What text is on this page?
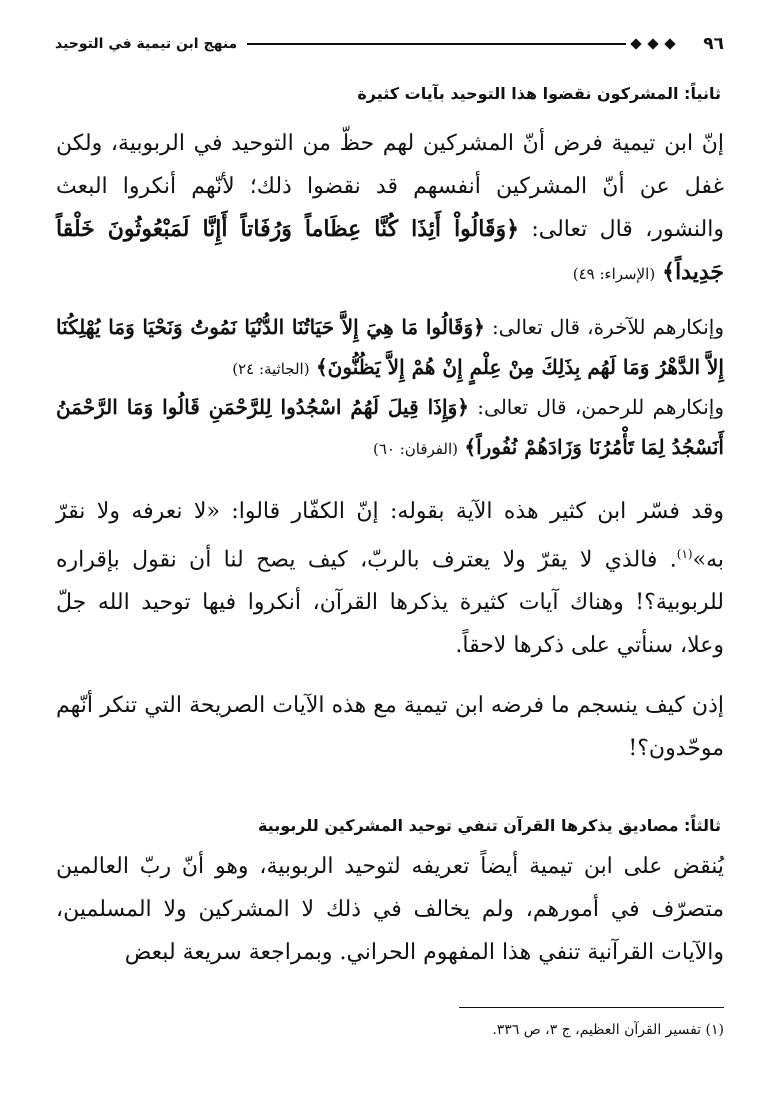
٩٦
منهج ابن تيمية في التوحيد
ثانياً: المشركون نقضوا هذا التوحيد بآيات كثيرة
إنّ ابن تيمية فرض أنّ المشركين لهم حظّ من التوحيد في الربوبية، ولكن غفل عن أنّ المشركين أنفسهم قد نقضوا ذلك؛ لأنّهم أنكروا البعث والنشور، قال تعالى: ﴿وَقَالُواْ أَئِذَا كُنَّا عِظَاماً وَرُفَاتاً أَإِنَّا لَمَبْعُوثُونَ خَلْقاً جَدِيداً﴾ (الإسراء: ٤٩)
وإنكارهم للآخرة، قال تعالى: ﴿وَقَالُوا مَا هِيَ إِلاَّ حَيَاتُنَا الدُّنْيَا نَمُوتُ وَنَحْيَا وَمَا يُهْلِكُنَا إِلاَّ الدَّهْرُ وَمَا لَهُم بِذَلِكَ مِنْ عِلْمٍ إِنْ هُمْ إِلاَّ يَظُنُّونَ﴾ (الجاثية: ٢٤)
وإنكارهم للرحمن، قال تعالى: ﴿وَإِذَا قِيلَ لَهُمُ اسْجُدُوا لِلرَّحْمَنِ قَالُوا وَمَا الرَّحْمَنُ أَنَسْجُدُ لِمَا تَأْمُرُنَا وَزَادَهُمْ نُفُوراً﴾ (الفرقان: ٦٠)
وقد فسّر ابن كثير هذه الآية بقوله: إنّ الكفّار قالوا: «لا نعرفه ولا نقرّ به»$^{(١)}$. فالذي لا يقرّ ولا يعترف بالربّ، كيف يصح لنا أن نقول بإقراره للربوبية؟! وهناك آيات كثيرة يذكرها القرآن، أنكروا فيها توحيد الله جلّ وعلا، سنأتي على ذكرها لاحقاً.
إذن كيف ينسجم ما فرضه ابن تيمية مع هذه الآيات الصريحة التي تنكر أنّهم موحّدون؟!
ثالثاً: مصاديق يذكرها القرآن تنفي توحيد المشركين للربوبية
يُنقض على ابن تيمية أيضاً تعريفه لتوحيد الربوبية، وهو أنّ ربّ العالمين متصرّف في أمورهم، ولم يخالف في ذلك لا المشركين ولا المسلمين، والآيات القرآنية تنفي هذا المفهوم الحراني. وبمراجعة سريعة لبعض
(١) تفسير القرآن العظيم، ج ٣، ص ٣٣٦.
